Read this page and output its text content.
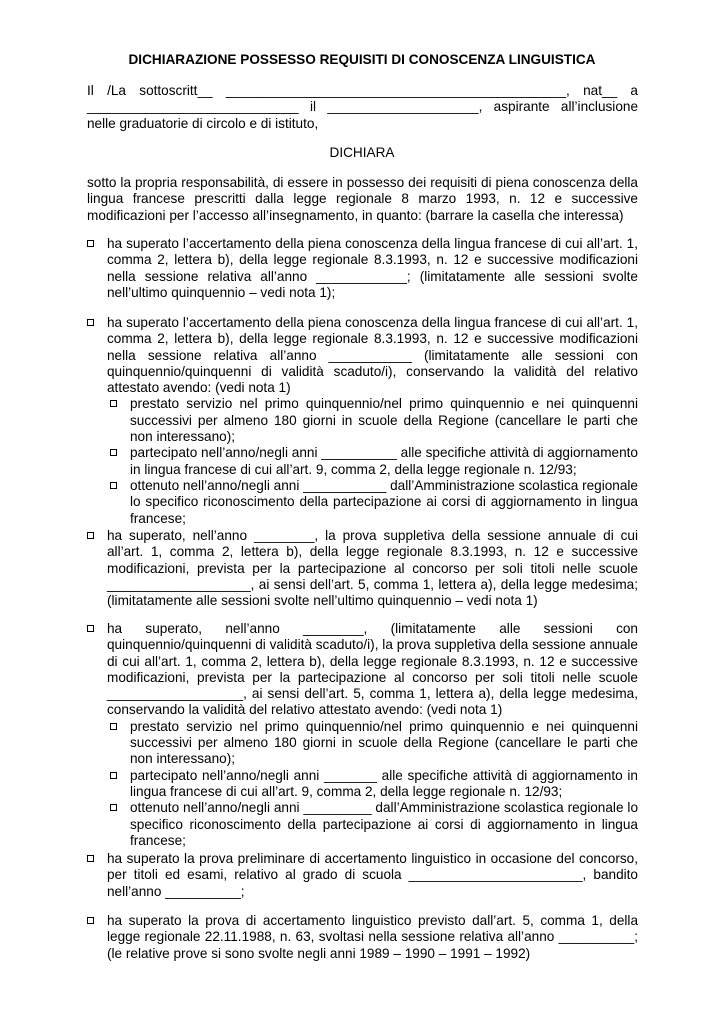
DICHIARAZIONE POSSESSO REQUISITI DI CONOSCENZA LINGUISTICA
Il /La sottoscritt__ _____________________________________________, nat__ a
____________________________ il ____________________, aspirante all’inclusione
nelle graduatorie di circolo e di istituto,
DICHIARA

sotto la propria responsabilità, di essere in possesso dei requisiti di piena conoscenza della lingua francese prescritti dalla legge regionale 8 marzo 1993, n. 12 e successive modificazioni per l’accesso all’insegnamento, in quanto: (barrare la casella che interessa)

ha superato l’accertamento della piena conoscenza della lingua francese di cui all’art. 1, comma 2, lettera b), della legge regionale 8.3.1993, n. 12 e successive modificazioni nella sessione relativa all’anno ____________; (limitatamente alle sessioni svolte nell’ultimo quinquennio – vedi nota 1);

ha superato l’accertamento della piena conoscenza della lingua francese di cui all’art. 1, comma 2, lettera b), della legge regionale 8.3.1993, n. 12 e successive modificazioni nella sessione relativa all’anno ___________ (limitatamente alle sessioni con quinquennio/quinquenni di validità scaduto/i), conservando la validità del relativo attestato avendo: (vedi nota 1)

prestato servizio nel primo quinquennio/nel primo quinquennio e nei quinquenni successivi per almeno 180 giorni in scuole della Regione (cancellare le parti che non interessano);

partecipato nell’anno/negli anni __________ alle specifiche attività di aggiornamento in lingua francese di cui all’art. 9, comma 2, della legge regionale n. 12/93;

ottenuto nell’anno/negli anni ___________ dall’Amministrazione scolastica regionale lo specifico riconoscimento della partecipazione ai corsi di aggiornamento in lingua francese;

ha superato, nell’anno ________, la prova suppletiva della sessione annuale di cui all’art. 1, comma 2, lettera b), della legge regionale 8.3.1993, n. 12 e successive modificazioni, prevista per la partecipazione al concorso per soli titoli nelle scuole ___________________, ai sensi dell’art. 5, comma 1, lettera a), della legge medesima; (limitatamente alle sessioni svolte nell’ultimo quinquennio – vedi nota 1)

ha superato, nell’anno ________, (limitatamente alle sessioni con quinquennio/quinquenni di validità scaduto/i), la prova suppletiva della sessione annuale di cui all’art. 1, comma 2, lettera b), della legge regionale 8.3.1993, n. 12 e successive modificazioni, prevista per la partecipazione al concorso per soli titoli nelle scuole __________________, ai sensi dell’art. 5, comma 1, lettera a), della legge medesima, conservando la validità del relativo attestato avendo: (vedi nota 1)

prestato servizio nel primo quinquennio/nel primo quinquennio e nei quinquenni successivi per almeno 180 giorni in scuole della Regione (cancellare le parti che non interessano);

partecipato nell’anno/negli anni _______ alle specifiche attività di aggiornamento in lingua francese di cui all’art. 9, comma 2, della legge regionale n. 12/93;

ottenuto nell’anno/negli anni _________ dall’Amministrazione scolastica regionale lo specifico riconoscimento della partecipazione ai corsi di aggiornamento in lingua francese;

ha superato la prova preliminare di accertamento linguistico in occasione del concorso, per titoli ed esami, relativo al grado di scuola _______________________, bandito nell’anno __________;

ha superato la prova di accertamento linguistico previsto dall’art. 5, comma 1, della legge regionale 22.11.1988, n. 63, svoltasi nella sessione relativa all’anno __________; (le relative prove si sono svolte negli anni 1989 – 1990 – 1991 – 1992)
